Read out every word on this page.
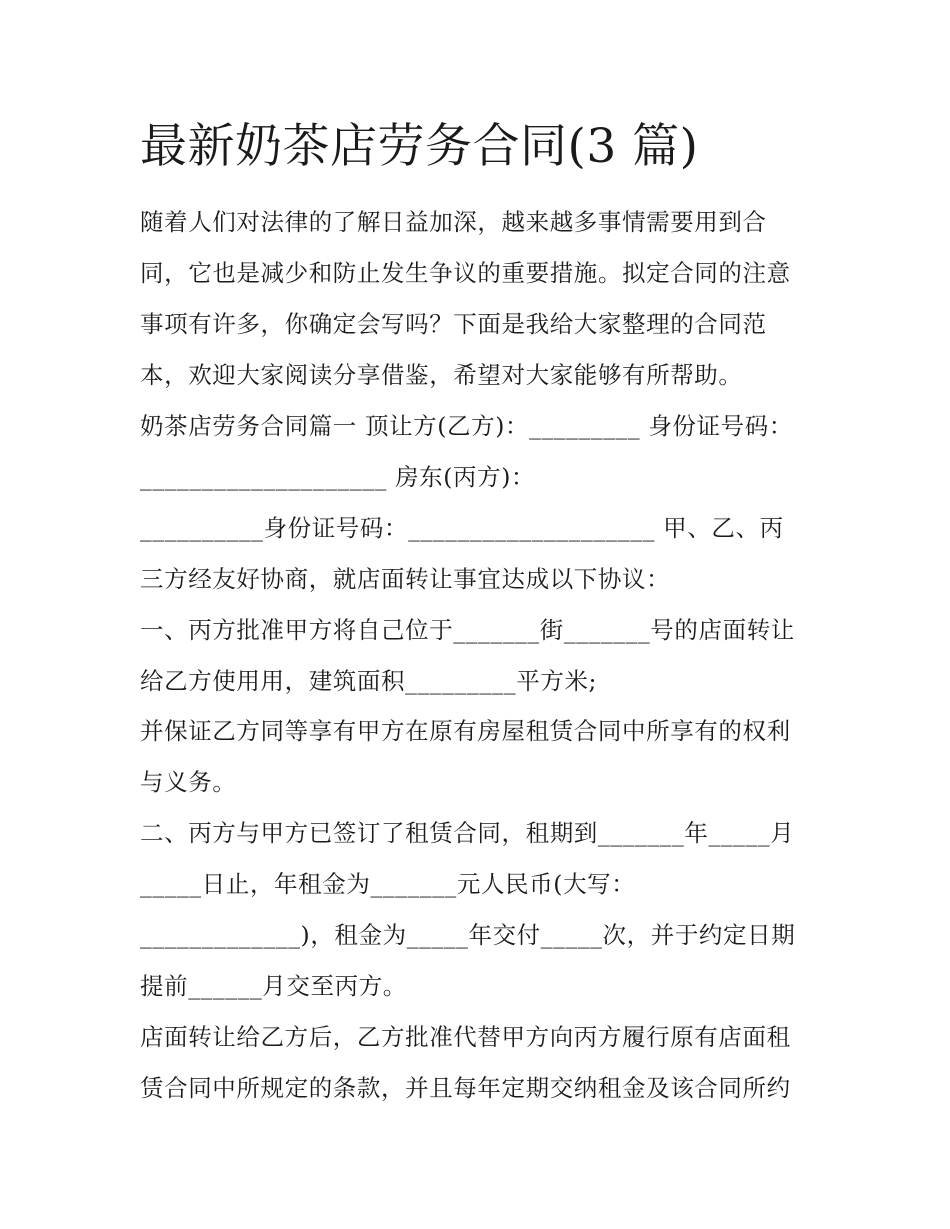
最新奶茶店劳务合同(3 篇)

随着人们对法律的了解日益加深，越来越多事情需要用到合

同，它也是减少和防止发生争议的重要措施。拟定合同的注意

事项有许多，你确定会写吗？下面是我给大家整理的合同范

本，欢迎大家阅读分享借鉴，希望对大家能够有所帮助。

奶茶店劳务合同篇一 顶让方(乙方)：_________ 身份证号码：

____________________ 房东(丙方)：

__________身份证号码：____________________ 甲、乙、丙

三方经友好协商，就店面转让事宜达成以下协议：

一、丙方批准甲方将自己位于_______街_______号的店面转让

给乙方使用用，建筑面积_________平方米;

并保证乙方同等享有甲方在原有房屋租赁合同中所享有的权利

与义务。

二、丙方与甲方已签订了租赁合同，租期到_______年_____月

_____日止，年租金为_______元人民币(大写：

_____________)，租金为_____年交付_____次，并于约定日期

提前______月交至丙方。

店面转让给乙方后，乙方批准代替甲方向丙方履行原有店面租

赁合同中所规定的条款，并且每年定期交纳租金及该合同所约
